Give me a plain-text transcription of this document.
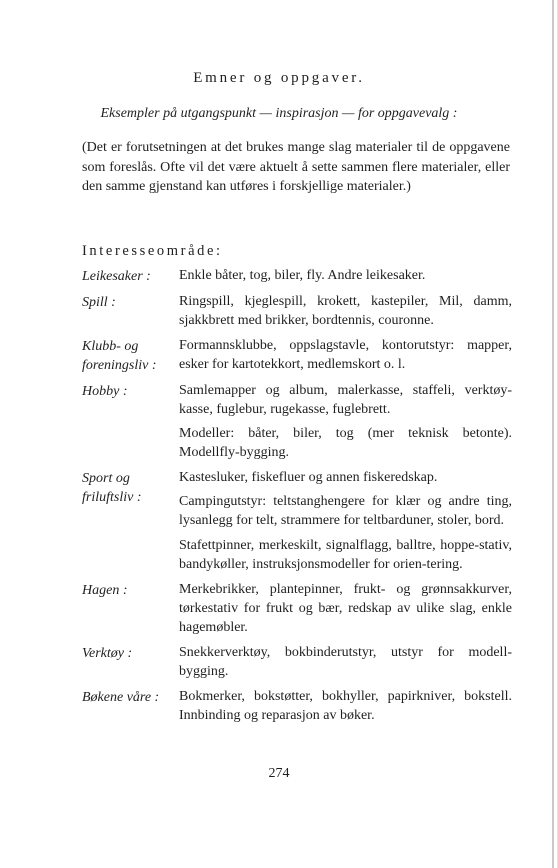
Emner og oppgaver.
Eksempler på utgangspunkt — inspirasjon — for oppgavevalg :
(Det er forutsetningen at det brukes mange slag materialer til de oppgavene som foreslås. Ofte vil det være aktuelt å sette sammen flere materialer, eller den samme gjenstand kan utføres i forskjellige materialer.)
Interesseområde:
Leikesaker :	Enkle båter, tog, biler, fly. Andre leikesaker.
Spill :	Ringspill, kjeglespill, krokett, kastepiler, Mil, damm, sjakkbrett med brikker, bordtennis, couronne.
Klubb- og foreningsliv :
Formannsklubbe, oppslagstavle, kontorutstyr: mapper, esker for kartotekkort, medlemskort o. l.
Hobby :	Samlemapper og album, malerkasse, staffeli, verktøy-kasse, fuglebur, rugekasse, fuglebrett.
Modeller: båter, biler, tog (mer teknisk betonte). Modellfly-bygging.
Sport og friluftsliv :
Kastesluker, fiskefluer og annen fiskeredskap.
Campingutstyr: teltstanghengere for klær og andre ting, lysanlegg for telt, strammere for teltbarduner, stoler, bord.
Stafettpinner, merkeskilt, signalflagg, balltre, hoppe-stativ, bandykøller, instruksjonsmodeller for orien-tering.
Hagen :	Merkebrikker, plantepinner, frukt- og grønnsakkurver, tørkestativ for frukt og bær, redskap av ulike slag, enkle hagemøbler.
Verktøy :	Snekkerverktøy, bokbinderutstyr, utstyr for modell-bygging.
Bøkene våre :	Bokmerker, bokstøtter, bokhyller, papirkniver, bokstell. Innbinding og reparasjon av bøker.
274
